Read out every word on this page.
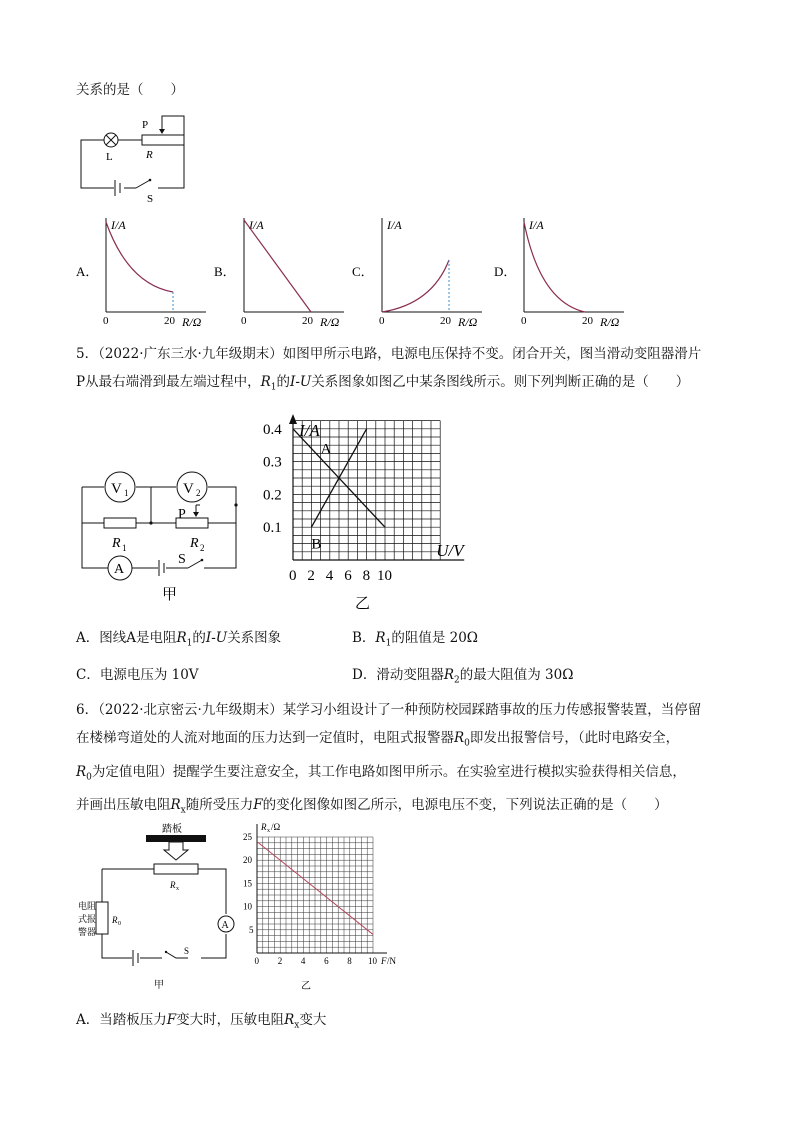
关系的是（　　）
L
P
R
S
A．
I/A
R/Ω
0	20
B．
I/A
R/Ω
0	20
C．
I/A
R/Ω
0	20
D．
I/A
R/Ω
0	20
5．（2022·广东三水·九年级期末）如图甲所示电路，电源电压保持不变。闭合开关，图当滑动变阻器滑片
P从最右端滑到最左端过程中，$R_1$的I-U关系图象如图乙中某条图线所示。则下列判断正确的是（　　）
V 1	V 2
P
R 1	R 2
S
A
甲
I/A
U/V
0.4
0.3
0.2
0.1
0 2 4 6 8 10
A
B
乙
A．图线A是电阻$R_1$的I-U关系图象	B．$R_1$的阻值是 20Ω
C．电源电压为 10V	D．滑动变阻器$R_2$的最大阻值为 30Ω
6．（2022·北京密云·九年级期末）某学习小组设计了一种预防校园踩踏事故的压力传感报警装置，当停留
在楼梯弯道处的人流对地面的压力达到一定值时，电阻式报警器$R_0$即发出报警信号，（此时电路安全，
$R_0$为定值电阻）提醒学生要注意安全，其工作电路如图甲所示。在实验室进行模拟实验获得相关信息，
并画出压敏电阻$R_x$随所受压力F的变化图像如图乙所示，电源电压不变，下列说法正确的是（　　）
踏板
R x
电阻
式报
警器
R 0	A
S
甲
R x /Ω
F /N
25
20
15
10
5
0 2 4 6 8 10
乙
A．当踏板压力F变大时，压敏电阻$R_x$变大
